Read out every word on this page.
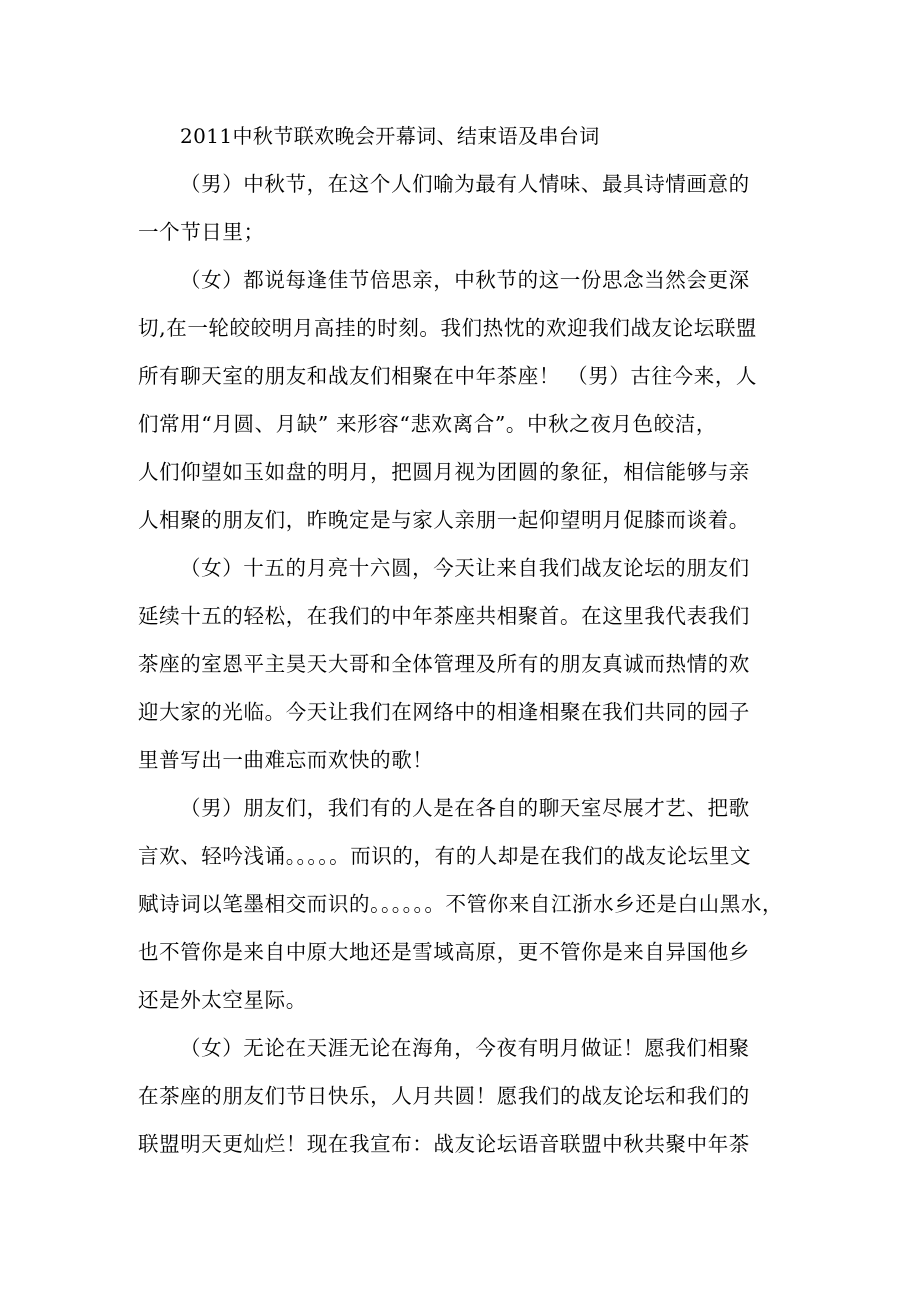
2011中秋节联欢晚会开幕词、结束语及串台词
（男）中秋节，在这个人们喻为最有人情味、最具诗情画意的
一个节日里；
（女）都说每逢佳节倍思亲，中秋节的这一份思念当然会更深
切,在一轮皎皎明月高挂的时刻。我们热忱的欢迎我们战友论坛联盟
所有聊天室的朋友和战友们相聚在中年茶座！ （男）古往今来，人
们常用“月圆、月缺” 来形容“悲欢离合”。中秋之夜月色皎洁，
人们仰望如玉如盘的明月，把圆月视为团圆的象征，相信能够与亲
人相聚的朋友们，昨晚定是与家人亲朋一起仰望明月促膝而谈着。
（女）十五的月亮十六圆，今天让来自我们战友论坛的朋友们
延续十五的轻松，在我们的中年茶座共相聚首。在这里我代表我们
茶座的室恩平主昊天大哥和全体管理及所有的朋友真诚而热情的欢
迎大家的光临。今天让我们在网络中的相逢相聚在我们共同的园子
里普写出一曲难忘而欢快的歌！
（男）朋友们，我们有的人是在各自的聊天室尽展才艺、把歌
言欢、轻吟浅诵。。。。。而识的，有的人却是在我们的战友论坛里文
赋诗词以笔墨相交而识的。。。。。。不管你来自江浙水乡还是白山黑水，
也不管你是来自中原大地还是雪域高原，更不管你是来自异国他乡
还是外太空星际。
（女）无论在天涯无论在海角，今夜有明月做证！愿我们相聚
在茶座的朋友们节日快乐，人月共圆！愿我们的战友论坛和我们的
联盟明天更灿烂！现在我宣布：战友论坛语音联盟中秋共聚中年茶
